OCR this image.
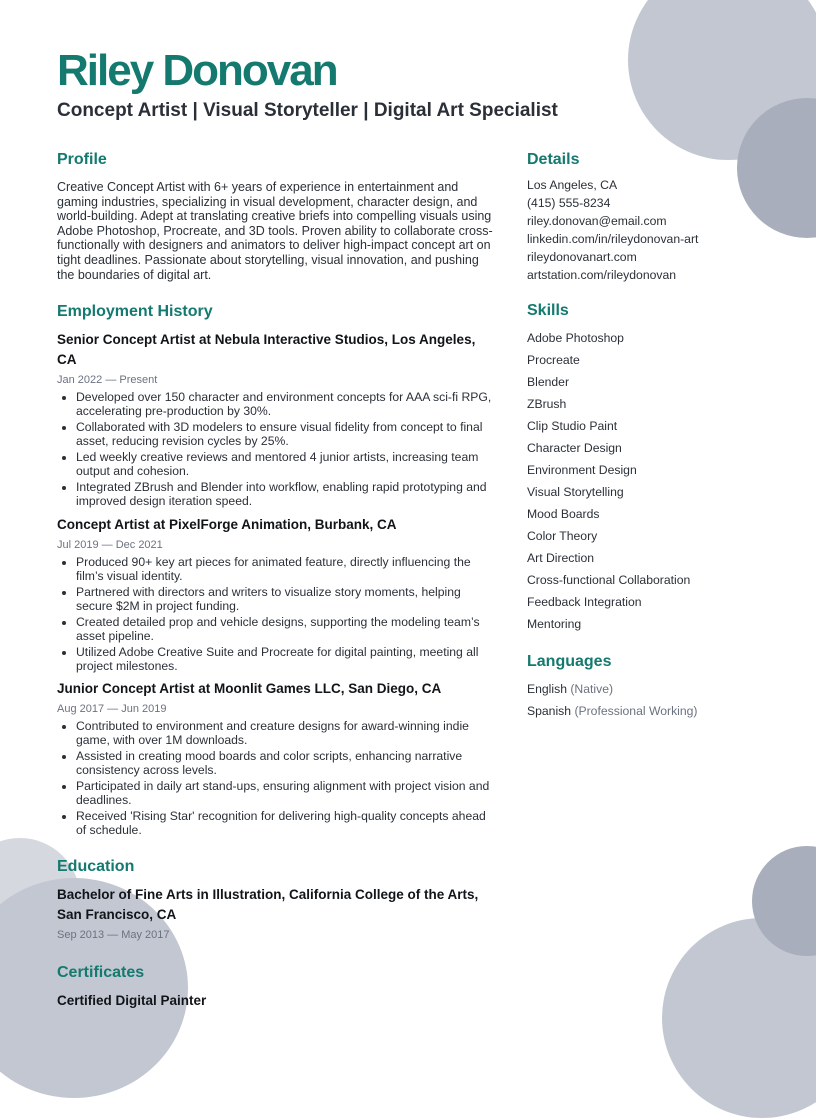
Riley Donovan
Concept Artist | Visual Storyteller | Digital Art Specialist
Profile

Creative Concept Artist with 6+ years of experience in entertainment and gaming industries, specializing in visual development, character design, and world-building. Adept at translating creative briefs into compelling visuals using Adobe Photoshop, Procreate, and 3D tools. Proven ability to collaborate cross-functionally with designers and animators to deliver high-impact concept art on tight deadlines. Passionate about storytelling, visual innovation, and pushing the boundaries of digital art.

Employment History
Senior Concept Artist at Nebula Interactive Studios, Los Angeles, CA
Jan 2022 — Present
• Developed over 150 character and environment concepts for AAA sci-fi RPG, accelerating pre-production by 30%.
• Collaborated with 3D modelers to ensure visual fidelity from concept to final asset, reducing revision cycles by 25%.
• Led weekly creative reviews and mentored 4 junior artists, increasing team output and cohesion.
• Integrated ZBrush and Blender into workflow, enabling rapid prototyping and improved design iteration speed.
Concept Artist at PixelForge Animation, Burbank, CA
Jul 2019 — Dec 2021
• Produced 90+ key art pieces for animated feature, directly influencing the film’s visual identity.
• Partnered with directors and writers to visualize story moments, helping secure $2M in project funding.
• Created detailed prop and vehicle designs, supporting the modeling team’s asset pipeline.
• Utilized Adobe Creative Suite and Procreate for digital painting, meeting all project milestones.
Junior Concept Artist at Moonlit Games LLC, San Diego, CA
Aug 2017 — Jun 2019
• Contributed to environment and creature designs for award-winning indie game, with over 1M downloads.
• Assisted in creating mood boards and color scripts, enhancing narrative consistency across levels.
• Participated in daily art stand-ups, ensuring alignment with project vision and deadlines.
• Received 'Rising Star' recognition for delivering high-quality concepts ahead of schedule.
Education
Bachelor of Fine Arts in Illustration, California College of the Arts, San Francisco, CA
Sep 2013 — May 2017
Certificates
Certified Digital Painter
Details
Los Angeles, CA
(415) 555-8234
riley.donovan@email.com
linkedin.com/in/rileydonovan-art
rileydonovanart.com
artstation.com/rileydonovan
Skills
Adobe Photoshop
Procreate
Blender
ZBrush
Clip Studio Paint
Character Design
Environment Design
Visual Storytelling
Mood Boards
Color Theory
Art Direction
Cross-functional Collaboration
Feedback Integration
Mentoring
Languages
English (Native)
Spanish (Professional Working)
